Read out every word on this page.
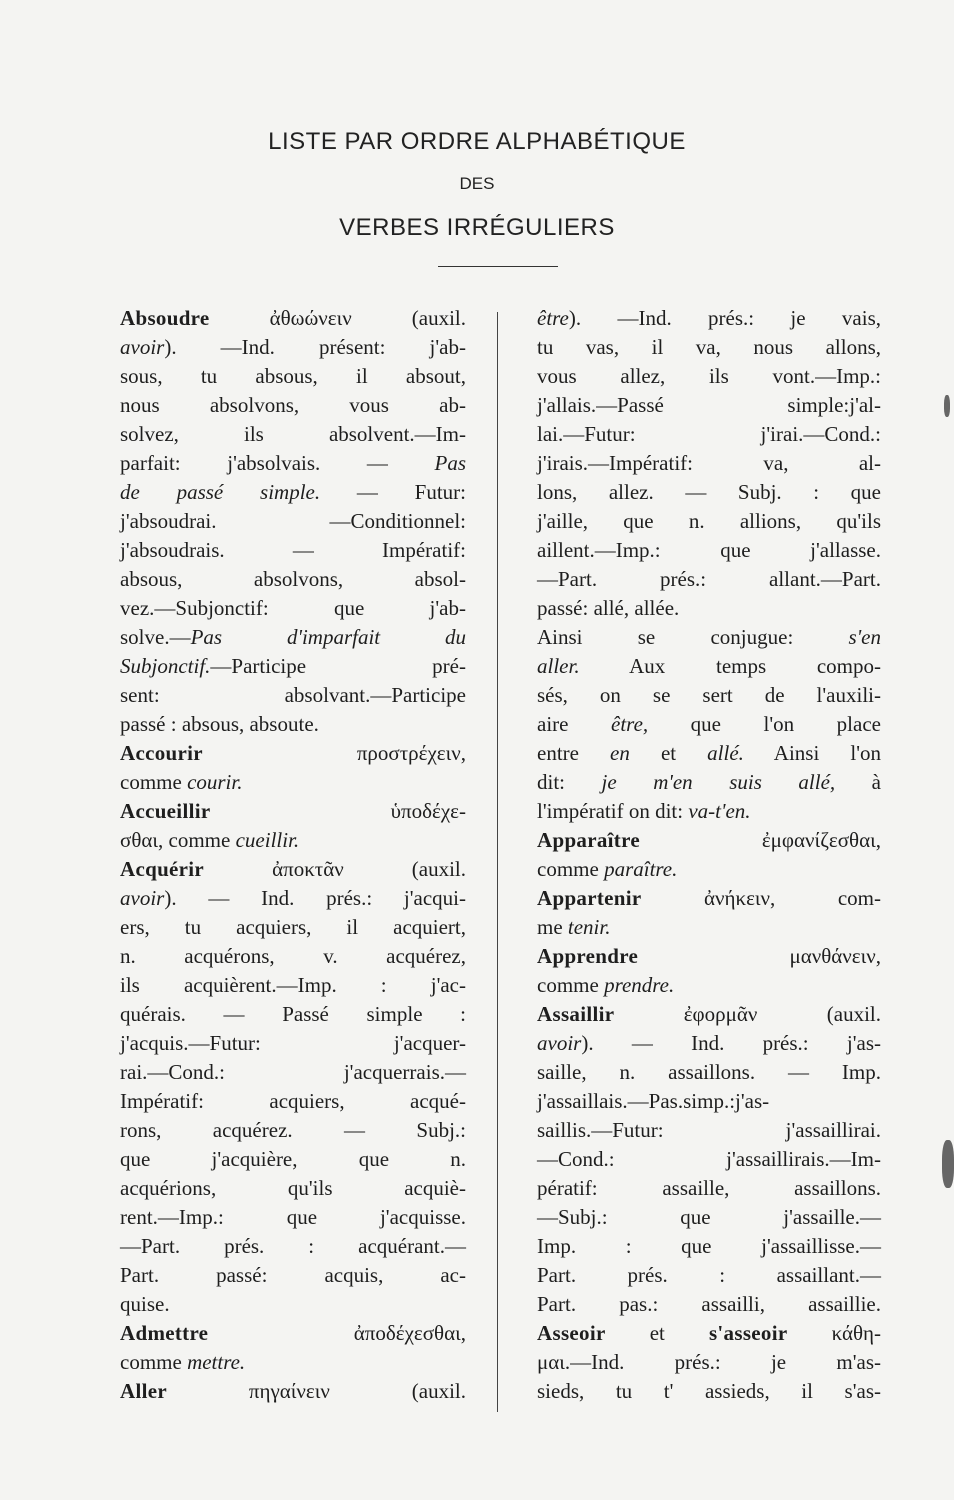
LISTE PAR ORDRE ALPHABÉTIQUE
DES
VERBES IRRÉGULIERS
Absoudre ἀθωώνειν (auxil.
avoir). —Ind. présent: j'ab-
sous, tu absous, il absout,
nous absolvons, vous ab-
solvez, ils absolvent.—Im-
parfait: j'absolvais. — Pas
de passé simple. — Futur:
j'absoudrai. —Conditionnel:
j'absoudrais. — Impératif:
absous, absolvons, absol-
vez.—Subjonctif: que j'ab-
solve.—Pas d'imparfait du
Subjonctif.—Participe pré-
sent: absolvant.—Participe
passé : absous, absoute.
Accourir προστρέχειν,
comme courir.
Accueillir ὑποδέχε-
σθαι, comme cueillir.
Acquérir ἀποκτᾶν (auxil.
avoir). — Ind. prés.: j'acqui-
ers, tu acquiers, il acquiert,
n. acquérons, v. acquérez,
ils acquièrent.—Imp. : j'ac-
quérais. — Passé simple :
j'acquis.—Futur: j'acquer-
rai.—Cond.: j'acquerrais.—
Impératif: acquiers, acqué-
rons, acquérez. — Subj.:
que j'acquière, que n.
acquérions, qu'ils acquiè-
rent.—Imp.: que j'acquisse.
—Part. prés. : acquérant.—
Part. passé: acquis, ac-
quise.
Admettre ἀποδέχεσθαι,
comme mettre.
Aller πηγαίνειν (auxil.
être). —Ind. prés.: je vais,
tu vas, il va, nous allons,
vous allez, ils vont.—Imp.:
j'allais.—Passé simple:j'al-
lai.—Futur: j'irai.—Cond.:
j'irais.—Impératif: va, al-
lons, allez. — Subj. : que
j'aille, que n. allions, qu'ils
aillent.—Imp.: que j'allasse.
—Part. prés.: allant.—Part.
passé: allé, allée.
Ainsi se conjugue: s'en
aller. Aux temps compo-
sés, on se sert de l'auxili-
aire être, que l'on place
entre en et allé. Ainsi l'on
dit: je m'en suis allé, à
l'impératif on dit: va-t'en.
Apparaître ἐμφανίζεσθαι,
comme paraître.
Appartenir ἀνήκειν, com-
me tenir.
Apprendre μανθάνειν,
comme prendre.
Assaillir ἐφορμᾶν (auxil.
avoir). — Ind. prés.: j'as-
saille, n. assaillons. — Imp.
j'assaillais.—Pas.simp.:j'as-
saillis.—Futur: j'assaillirai.
—Cond.: j'assaillirais.—Im-
pératif: assaille, assaillons.
—Subj.: que j'assaille.—
Imp. : que j'assaillisse.—
Part. prés. : assaillant.—
Part. pas.: assailli, assaillie.
Asseoir et s'asseoir κάθη-
μαι.—Ind. prés.: je m'as-
sieds, tu t' assieds, il s'as-
